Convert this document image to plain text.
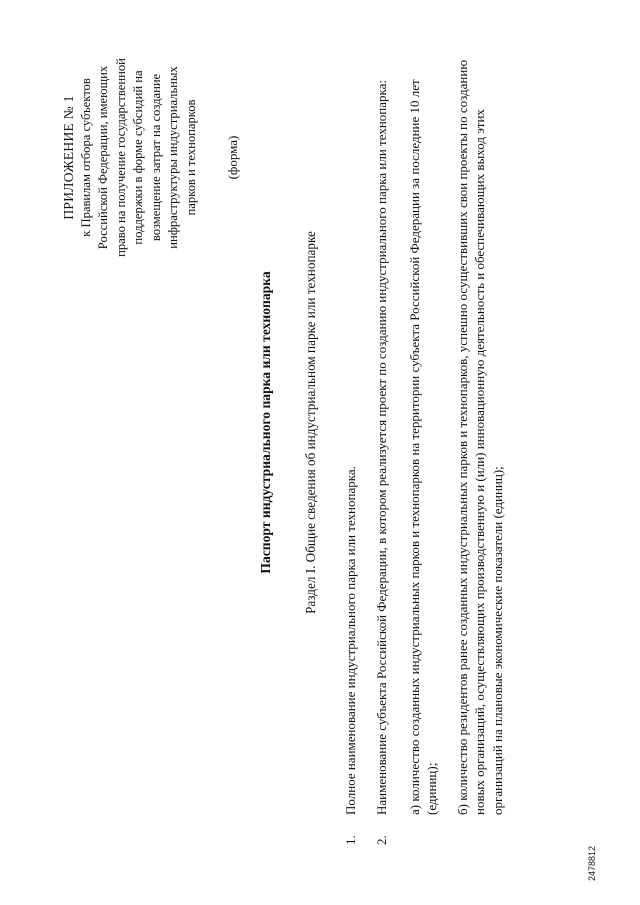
ПРИЛОЖЕНИЕ № 1 к Правилам отбора субъектов Российской Федерации, имеющих право на получение государственной поддержки в форме субсидий на возмещение затрат на создание инфраструктуры индустриальных парков и технопарков (форма)
Паспорт индустриального парка или технопарка Раздел I. Общие сведения об индустриальном парке или технопарке
1.
Полное наименование индустриального парка или технопарка.
2.
Наименование субъекта Российской Федерации, в котором реализуется проект по созданию индустриального парка или технопарка: а) количество созданных индустриальных парков и технопарков на территории субъекта Российской Федерации за последние 10 лет (единиц); б) количество резидентов ранее созданных индустриальных парков и технопарков, успешно осуществивших свои проекты по созданию новых организаций, осуществляющих производственную и (или) инновационную деятельность и обеспечивающих выход этих организаций на плановые экономические показатели (единиц);
2478812
